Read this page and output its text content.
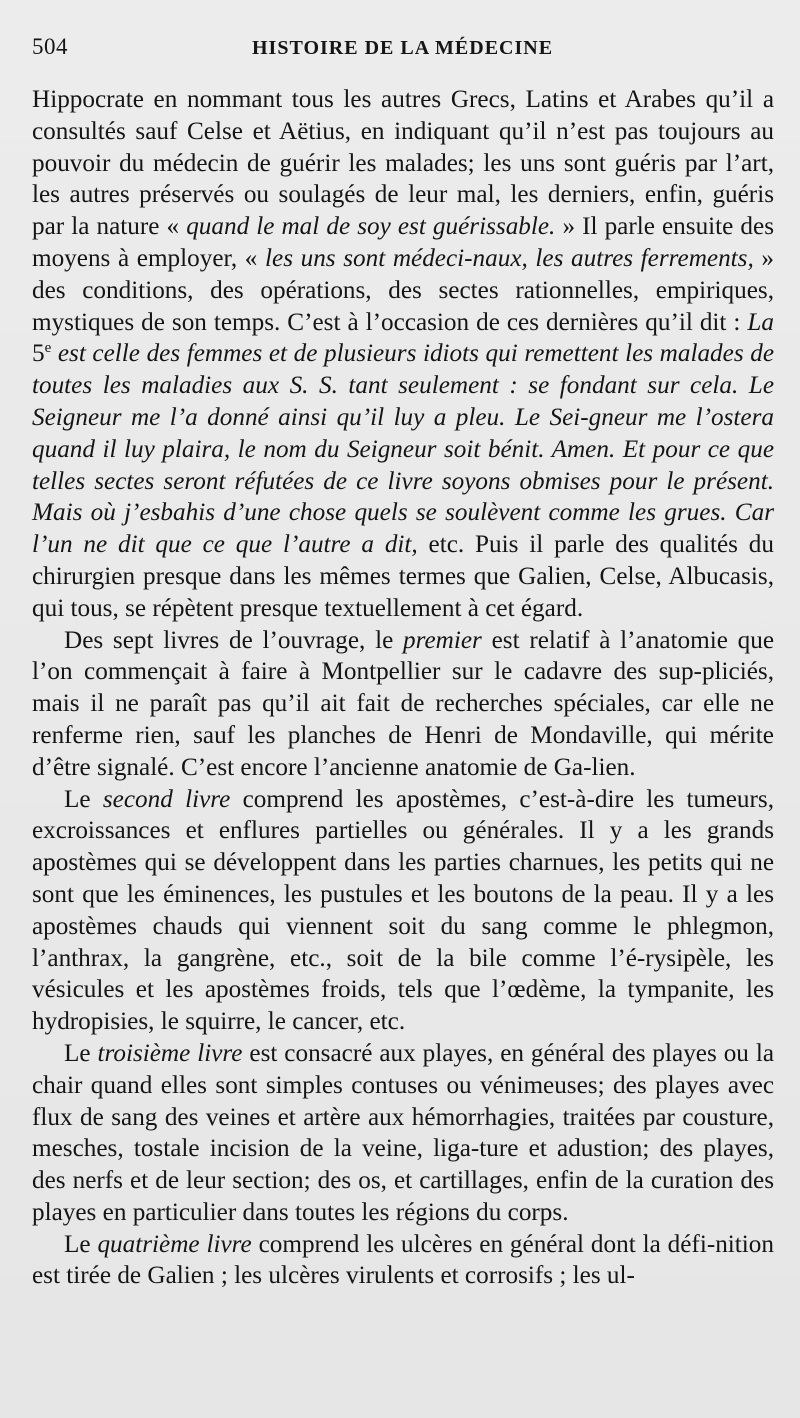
504	HISTOIRE DE LA MÉDECINE

Hippocrate en nommant tous les autres Grecs, Latins et Arabes qu’il a consultés sauf Celse et Aëtius, en indiquant qu’il n’est pas toujours au pouvoir du médecin de guérir les malades; les uns sont guéris par l’art, les autres préservés ou soulagés de leur mal, les derniers, enfin, guéris par la nature « quand le mal de soy est guérissable. » Il parle ensuite des moyens à employer, « les uns sont médeci-naux, les autres ferrements, » des conditions, des opérations, des sectes rationnelles, empiriques, mystiques de son temps. C’est à l’occasion de ces dernières qu’il dit : La 5e est celle des femmes et de plusieurs idiots qui remettent les malades de toutes les maladies aux S. S. tant seulement : se fondant sur cela. Le Seigneur me l’a donné ainsi qu’il luy a pleu. Le Sei-gneur me l’ostera quand il luy plaira, le nom du Seigneur soit bénit. Amen. Et pour ce que telles sectes seront réfutées de ce livre soyons obmises pour le présent. Mais où j’esbahis d’une chose quels se soulèvent comme les grues. Car l’un ne dit que ce que l’autre a dit, etc. Puis il parle des qualités du chirurgien presque dans les mêmes termes que Galien, Celse, Albucasis, qui tous, se répètent presque textuellement à cet égard.

Des sept livres de l’ouvrage, le premier est relatif à l’anatomie que l’on commençait à faire à Montpellier sur le cadavre des sup-pliciés, mais il ne paraît pas qu’il ait fait de recherches spéciales, car elle ne renferme rien, sauf les planches de Henri de Mondaville, qui mérite d’être signalé. C’est encore l’ancienne anatomie de Ga-lien.

Le second livre comprend les apostèmes, c’est-à-dire les tumeurs, excroissances et enflures partielles ou générales. Il y a les grands apostèmes qui se développent dans les parties charnues, les petits qui ne sont que les éminences, les pustules et les boutons de la peau. Il y a les apostèmes chauds qui viennent soit du sang comme le phlegmon, l’anthrax, la gangrène, etc., soit de la bile comme l’é-rysipèle, les vésicules et les apostèmes froids, tels que l’œdème, la tympanite, les hydropisies, le squirre, le cancer, etc.

Le troisième livre est consacré aux playes, en général des playes ou la chair quand elles sont simples contuses ou vénimeuses; des playes avec flux de sang des veines et artère aux hémorrhagies, traitées par cousture, mesches, tostale incision de la veine, liga-ture et adustion; des playes, des nerfs et de leur section; des os, et cartillages, enfin de la curation des playes en particulier dans toutes les régions du corps.

Le quatrième livre comprend les ulcères en général dont la défi-nition est tirée de Galien ; les ulcères virulents et corrosifs ; les ul-
